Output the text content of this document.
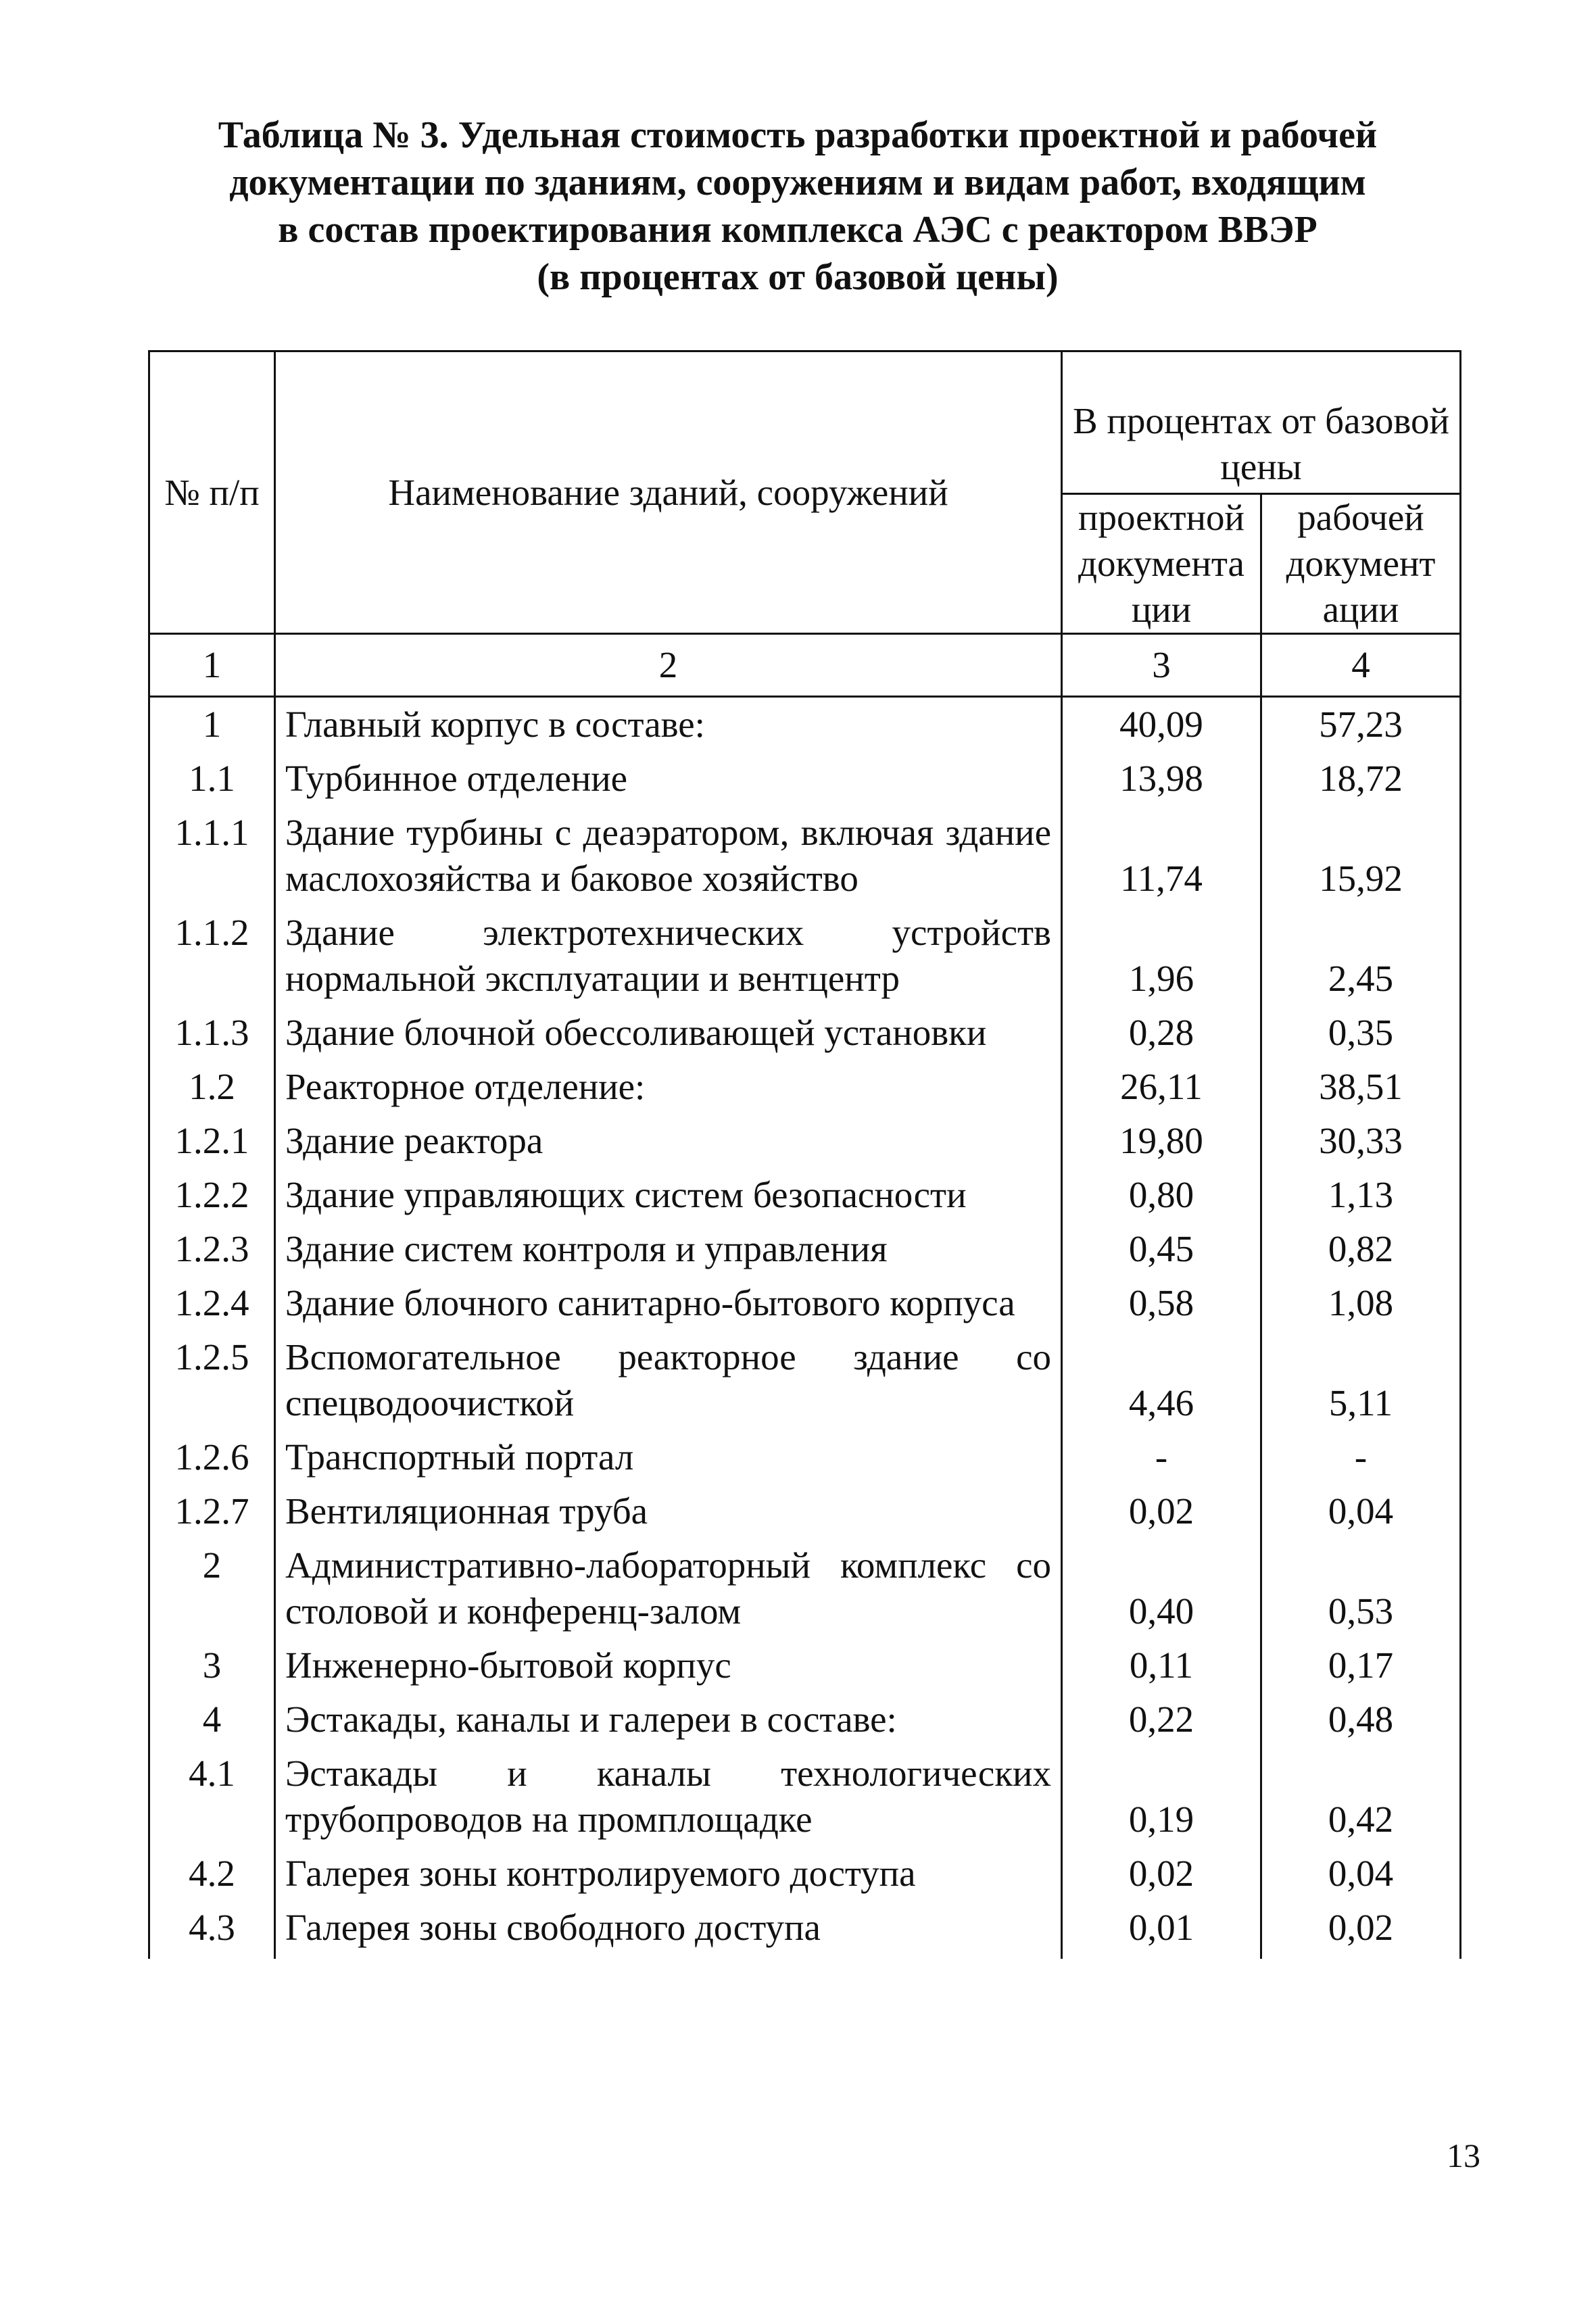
Таблица № 3. Удельная стоимость разработки проектной и рабочей
документации по зданиям, сооружениям и видам работ, входящим
в состав проектирования комплекса АЭС с реактором ВВЭР
(в процентах от базовой цены)
№ п/п	Наименование зданий, сооружений	В процентах от базовой цены	
		проектной документа ции	рабочей документ ации
1	2	3	4
1	Главный корпус в составе:	40,09	57,23
1.1	Турбинное отделение	13,98	18,72
1.1.1	Здание турбины с деаэратором, включая здание маслохозяйства и баковое хозяйство	11,74	15,92
1.1.2	Здание электротехнических устройств нормальной эксплуатации и вентцентр	1,96	2,45
1.1.3	Здание блочной обессоливающей установки	0,28	0,35
1.2	Реакторное отделение:	26,11	38,51
1.2.1	Здание реактора	19,80	30,33
1.2.2	Здание управляющих систем безопасности	0,80	1,13
1.2.3	Здание систем контроля и управления	0,45	0,82
1.2.4	Здание блочного санитарно-бытового корпуса	0,58	1,08
1.2.5	Вспомогательное реакторное здание со спецводоочисткой	4,46	5,11
1.2.6	Транспортный портал	-	-
1.2.7	Вентиляционная труба	0,02	0,04
2	Административно-лабораторный комплекс со столовой и конференц-залом	0,40	0,53
3	Инженерно-бытовой корпус	0,11	0,17
4	Эстакады, каналы и галереи в составе:	0,22	0,48
4.1	Эстакады и каналы технологических трубопроводов на промплощадке	0,19	0,42
4.2	Галерея зоны контролируемого доступа	0,02	0,04
4.3	Галерея зоны свободного доступа	0,01	0,02
13
